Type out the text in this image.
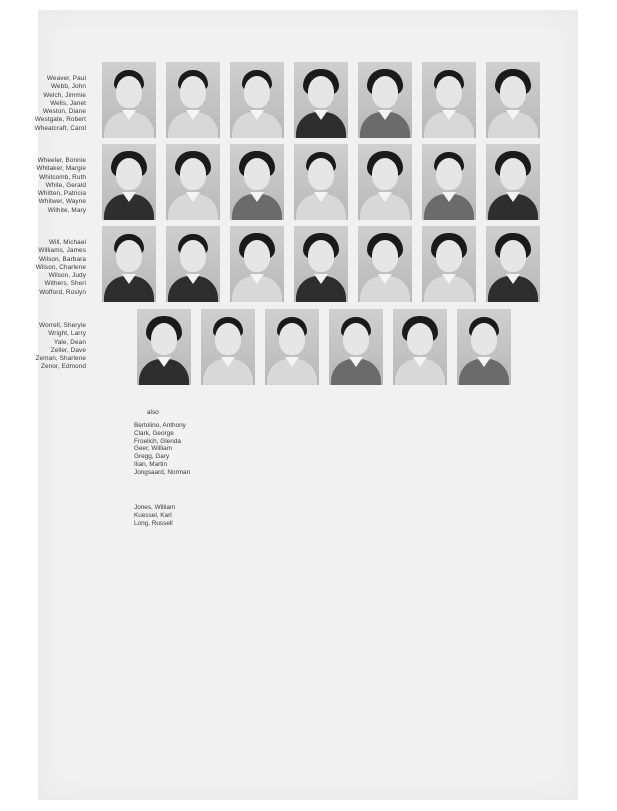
Weaver, Paul
Webb, John
Welch, Jimmie
Wells, Janet
Weston, Diane
Westgate, Robert
Wheatcraft, Carol
Wheeler, Bonnie
Whitaker, Margie
Whitcomb, Ruth
White, Gerald
Whitten, Patricia
Whitwer, Wayne
Wilhite, Mary
Will, Michael
Williams, James
Wilson, Barbara
Wilson, Charlene
Wilson, Judy
Withers, Sheri
Wofford, Roslyn
Worrell, Sheryle
Wright, Larry
Yale, Dean
Zeller, Dave
Zeman, Sharlene
Zenor, Edmond
also
Bertolino, Anthony
Clark, George
Froelich, Glenda
Geer, William
Gregg, Gary
Ilian, Martin
Jongsaard, Norman
Jones, William
Kuessel, Karl
Long, Russell
